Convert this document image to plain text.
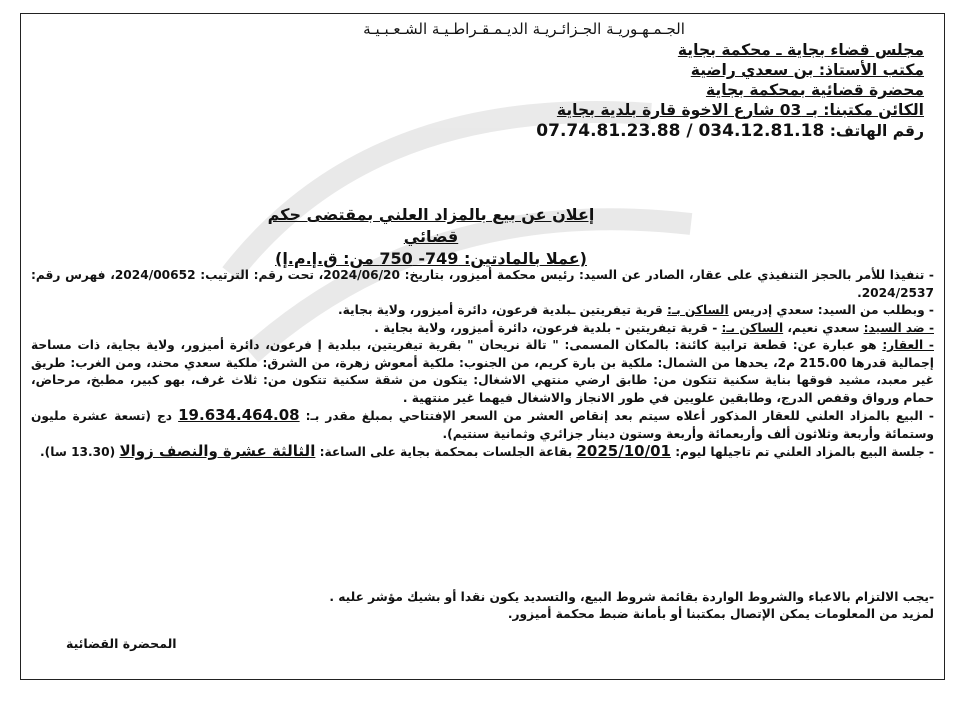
الجـمـهـوريـة الجـزائـريـة الديـمـقـراطـيـة الشـعـبـيـة
مجلس قضاء بجاية ـ محكمة بجاية
مكتب الأستاذ: بن سعدي راضية
محضرة قضائية بمحكمة بجاية
الكائن مكتبنا: بـ 03 شارع الاخوة قارة بلدية بجاية
رقم الهاتف: 07.74.81.23.88 / 034.12.81.18
إعلان عن بيع بالمزاد العلني بمقتضى حكم قضائي
(عملا بالمادتين: 749- 750 من: ق.إ.م.إ)

- تنفيذا للأمر بالحجز التنفيذي على عقار، الصادر عن السيد: رئيس محكمة أميزور، بتاريخ: 2024/06/20، تحت رقم: الترتيب: 2024/00652، فهرس رقم: 2024/2537.

- وبطلب من السيد: سعدي إدريس الساكن بـ: قرية تيفريتين ـبلدية فرعون، دائرة أميزور، ولاية بجاية.

- ضد السيد: سعدي نعيم، الساكن بـ: - قرية تيفريتين - بلدية فرعون، دائرة أميزور، ولاية بجاية .

- العقار: هو عبارة عن: قطعة ترابية كائنة: بالمكان المسمى: " تالة نريحان " بقرية تيفريتين، ببلدية إ فرعون، دائرة أميزور، ولاية بجاية، ذات مساحة إجمالية قدرها 215.00 م2، يحدها من الشمال: ملكية بن بارة كريم، من الجنوب: ملكية أمعوش زهرة، من الشرق: ملكية سعدي محند، ومن الغرب: طريق غير معبد، مشيد فوقها بناية سكنية تتكون من: طابق ارضي منتهي الاشغال: يتكون من شقة سكنية تتكون من: ثلاث غرف، بهو كبير، مطبخ، مرحاض، حمام ورواق وقفص الدرج، وطابقين علويين في طور الانجاز والاشغال فيهما غير منتهية .

- البيع بالمزاد العلني للعقار المذكور أعلاه سيتم بعد إنقاص العشر من السعر الإفتتاحي بمبلغ مقدر بـ: 19.634.464.08 دج (تسعة عشرة مليون وستمائة وأربعة وثلاثون ألف وأربعمائة وأربعة وستون دينار جزائري وثمانية سنتيم).

- جلسة البيع بالمزاد العلني تم تاجيلها ليوم: 2025/10/01 بقاعة الجلسات بمحكمة بجاية على الساعة: الثالثة عشرة والنصف زوالا (13.30 سا).

-يجب الالتزام بالاعباء والشروط الواردة بقائمة شروط البيع، والتسديد يكون نقدا أو بشيك مؤشر عليه .
لمزيد من المعلومات يمكن الإتصال بمكتبنا أو بأمانة ضبط محكمة أميزور.
المحضرة القضائية
